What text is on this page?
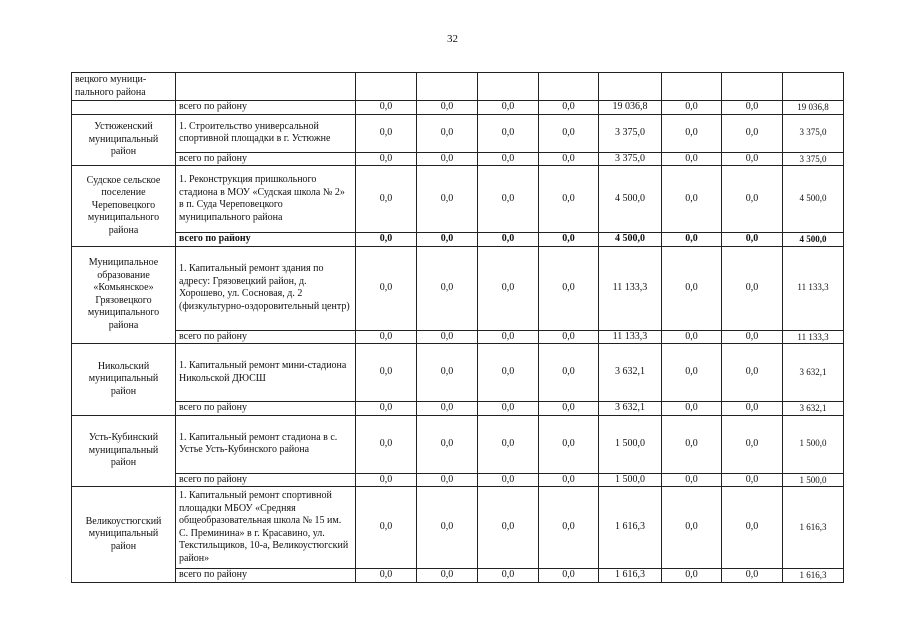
32
вецкого муници-
пального района									
	всего по району	0,0	0,0	0,0	0,0	19 036,8	0,0	0,0	19 036,8
Устюженский муниципальный район	1. Строительство универсальной спортивной площадки в г. Устюжне	0,0	0,0	0,0	0,0	3 375,0	0,0	0,0	3 375,0
	всего по району	0,0	0,0	0,0	0,0	3 375,0	0,0	0,0	3 375,0
Судское сельское поселение Череповецкого муниципального района	1. Реконструкция пришкольного стадиона в МОУ «Судская школа № 2» в п. Суда Череповецкого муниципального района	0,0	0,0	0,0	0,0	4 500,0	0,0	0,0	4 500,0
	всего по району	0,0	0,0	0,0	0,0	4 500,0	0,0	0,0	4 500,0
Муниципальное образование «Комьянское» Грязовецкого муниципального района	1. Капитальный ремонт здания по адресу: Грязовецкий район, д. Хорошево, ул. Сосновая, д. 2 (физкультурно-оздоровительный центр)	0,0	0,0	0,0	0,0	11 133,3	0,0	0,0	11 133,3
	всего по району	0,0	0,0	0,0	0,0	11 133,3	0,0	0,0	11 133,3
Никольский муниципальный район	1. Капитальный ремонт мини-стадиона Никольской ДЮСШ	0,0	0,0	0,0	0,0	3 632,1	0,0	0,0	3 632,1
	всего по району	0,0	0,0	0,0	0,0	3 632,1	0,0	0,0	3 632,1
Усть-Кубинский муниципальный район	1. Капитальный ремонт стадиона в с. Устье Усть-Кубинского района	0,0	0,0	0,0	0,0	1 500,0	0,0	0,0	1 500,0
	всего по району	0,0	0,0	0,0	0,0	1 500,0	0,0	0,0	1 500,0
Великоустюгский муниципальный район	1. Капитальный ремонт спортивной площадки МБОУ «Средняя общеобразовательная школа № 15 им. С. Преминина» в г. Красавино, ул. Текстильщиков, 10-а, Великоустюгский район»	0,0	0,0	0,0	0,0	1 616,3	0,0	0,0	1 616,3
	всего по району	0,0	0,0	0,0	0,0	1 616,3	0,0	0,0	1 616,3
